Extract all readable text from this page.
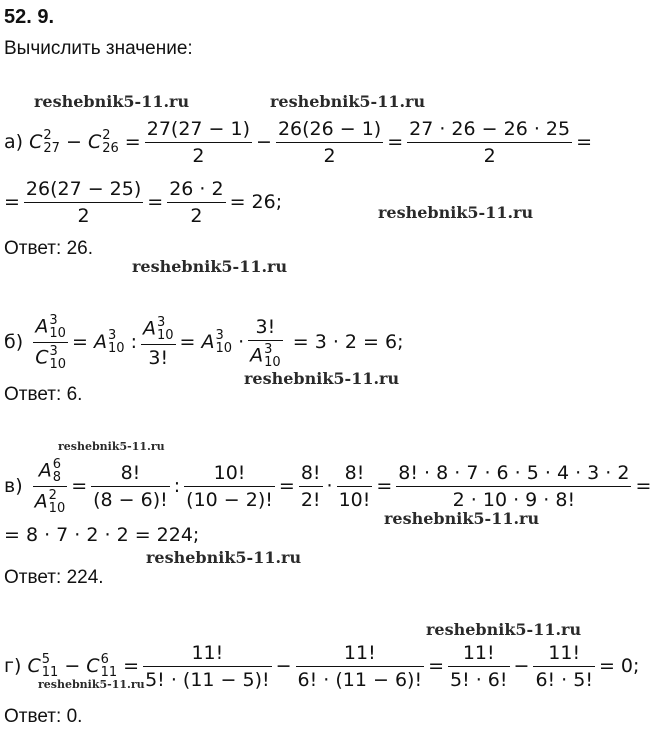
52. 9.
Вычислить значение:
reshebnik5-11.ru	reshebnik5-11.ru
reshebnik5-11.ru
reshebnik5-11.ru
reshebnik5-11.ru
reshebnik5-11.ru
reshebnik5-11.ru
reshebnik5-11.ru
reshebnik5-11.ru
reshebnik5-11.ru
а)
C 2
27 − C 2
$26 = \frac{27(27 - 1)}{2} - \frac{26(26 - 1)}{2} = \frac{27 \cdot 26 - 26 \cdot 25}{2}$ =
= $\frac{26(27 - 25)}{2} = \frac{26 \cdot 2}{2} = 26$;
Ответ: 26.
б)
A 3
10
C 3
10 = A 3
10 : A 3
10
3! = A 3
10 · 3!
A 3
10
= 3 · 2 = 6;
Ответ: 6.
в)
A 6
8
A 2
$10 = \frac{8!}{(8 - 6)!}$ : $\frac{10!}{(10 - 2)!} = \frac{8!}{2!} \cdot \frac{8!}{10!} = \frac{8! \cdot 8 \cdot 7 \cdot 6 \cdot 5 \cdot 4 \cdot 3 \cdot 2}{2 \cdot 10 \cdot 9 \cdot 8!}$ =
= 8 · 7 · 2 · 2 = 224;
Ответ: 224.
г)
C 5
11 − C 6
$11 = \frac{11!}{5! \cdot (11 - 5)!} - \frac{11!}{6! \cdot (11 - 6)!} = \frac{11!}{5! \cdot 6!} - \frac{11!}{6! \cdot 5!} = 0$;
Ответ: 0.
